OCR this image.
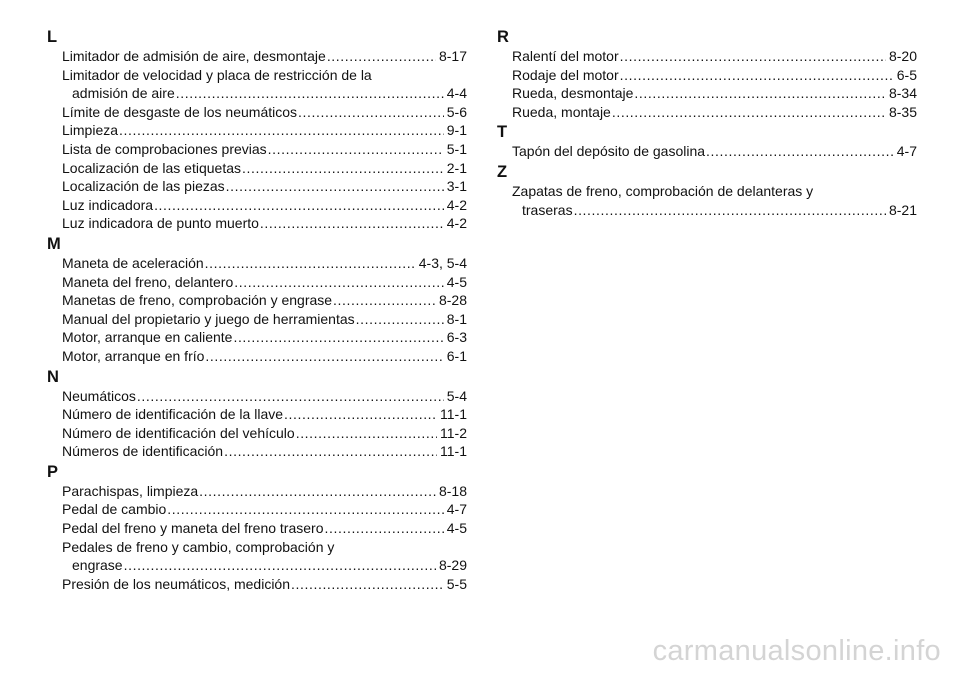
L
Limitador de admisión de aire, desmontaje .....	8-17
Limitador de velocidad y placa de restricción de la
admisión de aire .....	4-4
Límite de desgaste de los neumáticos .....	5-6
Limpieza .....	9-1
Lista de comprobaciones previas .....	5-1
Localización de las etiquetas .....	2-1
Localización de las piezas .....	3-1
Luz indicadora .....	4-2
Luz indicadora de punto muerto .....	4-2
M
Maneta de aceleración .....	4-3, 5-4
Maneta del freno, delantero .....	4-5
Manetas de freno, comprobación y engrase .....	8-28
Manual del propietario y juego de herramientas .....	8-1
Motor, arranque en caliente .....	6-3
Motor, arranque en frío .....	6-1
N
Neumáticos .....	5-4
Número de identificación de la llave .....	11-1
Número de identificación del vehículo .....	11-2
Números de identificación .....	11-1
P
Parachispas, limpieza .....	8-18
Pedal de cambio .....	4-7
Pedal del freno y maneta del freno trasero .....	4-5
Pedales de freno y cambio, comprobación y
engrase .....	8-29
Presión de los neumáticos, medición .....	5-5
R
Ralentí del motor .....	8-20
Rodaje del motor .....	6-5
Rueda, desmontaje .....	8-34
Rueda, montaje .....	8-35
T
Tapón del depósito de gasolina .....	4-7
Z
Zapatas de freno, comprobación de delanteras y
traseras .....	8-21
carmanualsonline.info
